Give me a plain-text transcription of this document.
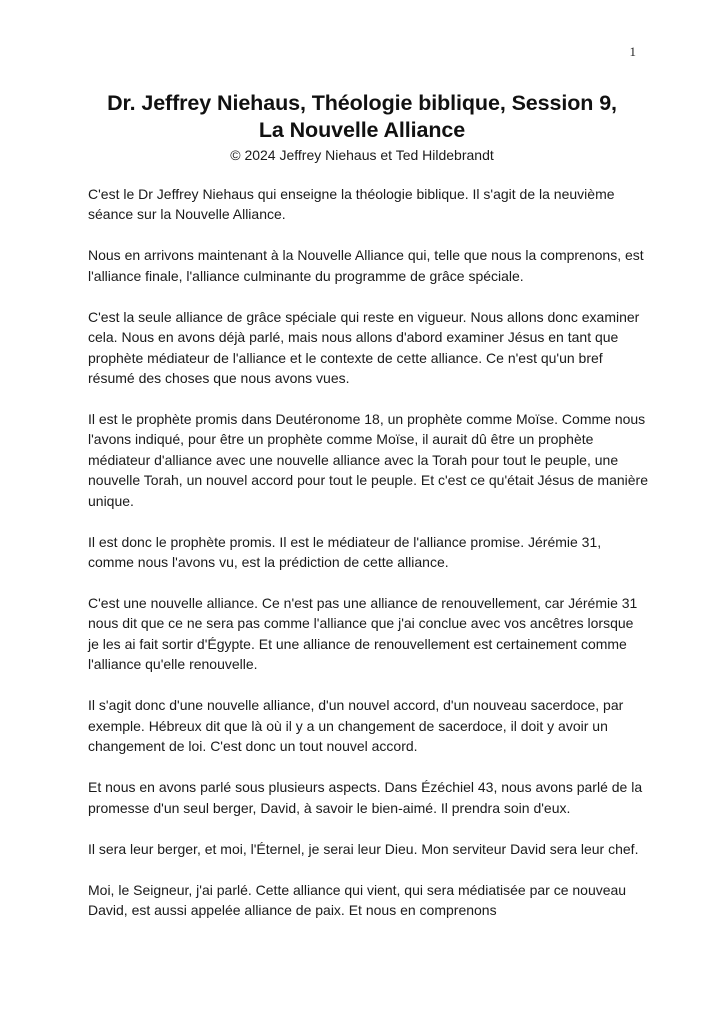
1
Dr. Jeffrey Niehaus, Théologie biblique, Session 9,
La Nouvelle Alliance
© 2024 Jeffrey Niehaus et Ted Hildebrandt

C'est le Dr Jeffrey Niehaus qui enseigne la théologie biblique. Il s'agit de la neuvième séance sur la Nouvelle Alliance.

Nous en arrivons maintenant à la Nouvelle Alliance qui, telle que nous la comprenons, est l'alliance finale, l'alliance culminante du programme de grâce spéciale.

C'est la seule alliance de grâce spéciale qui reste en vigueur. Nous allons donc examiner cela. Nous en avons déjà parlé, mais nous allons d'abord examiner Jésus en tant que prophète médiateur de l'alliance et le contexte de cette alliance. Ce n'est qu'un bref résumé des choses que nous avons vues.

Il est le prophète promis dans Deutéronome 18, un prophète comme Moïse. Comme nous l'avons indiqué, pour être un prophète comme Moïse, il aurait dû être un prophète médiateur d'alliance avec une nouvelle alliance avec la Torah pour tout le peuple, une nouvelle Torah, un nouvel accord pour tout le peuple. Et c'est ce qu'était Jésus de manière unique.

Il est donc le prophète promis. Il est le médiateur de l'alliance promise. Jérémie 31, comme nous l'avons vu, est la prédiction de cette alliance.

C'est une nouvelle alliance. Ce n'est pas une alliance de renouvellement, car Jérémie 31 nous dit que ce ne sera pas comme l'alliance que j'ai conclue avec vos ancêtres lorsque je les ai fait sortir d'Égypte. Et une alliance de renouvellement est certainement comme l'alliance qu'elle renouvelle.

Il s'agit donc d'une nouvelle alliance, d'un nouvel accord, d'un nouveau sacerdoce, par exemple. Hébreux dit que là où il y a un changement de sacerdoce, il doit y avoir un changement de loi. C'est donc un tout nouvel accord.

Et nous en avons parlé sous plusieurs aspects. Dans Ézéchiel 43, nous avons parlé de la promesse d'un seul berger, David, à savoir le bien-aimé. Il prendra soin d'eux.

Il sera leur berger, et moi, l'Éternel, je serai leur Dieu. Mon serviteur David sera leur chef.

Moi, le Seigneur, j'ai parlé. Cette alliance qui vient, qui sera médiatisée par ce nouveau David, est aussi appelée alliance de paix. Et nous en comprenons
